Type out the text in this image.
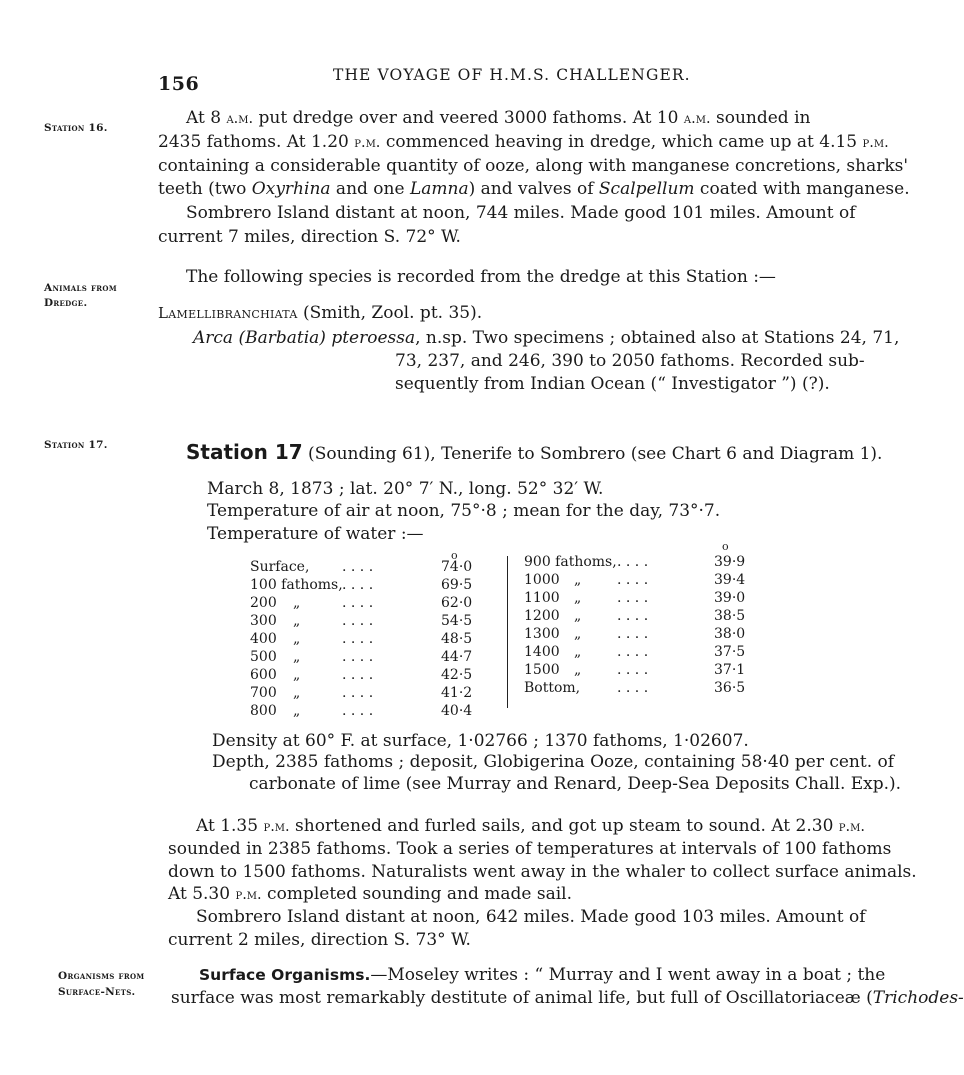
156	THE VOYAGE OF H.M.S. CHALLENGER.
Station 16.
Animals from
Dredge.
Station 17.
Organisms from
Surface-Nets.
At 8 a.m. put dredge over and veered 3000 fathoms. At 10 a.m. sounded in
2435 fathoms. At 1.20 p.m. commenced heaving in dredge, which came up at 4.15 p.m.
containing a considerable quantity of ooze, along with manganese concretions, sharks'
teeth (two Oxyrhina and one Lamna) and valves of Scalpellum coated with manganese.
Sombrero Island distant at noon, 744 miles. Made good 101 miles. Amount of
current 7 miles, direction S. 72° W.
The following species is recorded from the dredge at this Station :—
Lamellibranchiata (Smith, Zool. pt. 35).
Arca (Barbatia) pteroessa, n.sp. Two specimens ; obtained also at Stations 24, 71,
73, 237, and 246, 390 to 2050 fathoms. Recorded sub-
sequently from Indian Ocean (“ Investigator ”) (?).
Station 17 (Sounding 61), Tenerife to Sombrero (see Chart 6 and Diagram 1).
March 8, 1873 ; lat. 20° 7′ N., long. 52° 32′ W.
Temperature of air at noon, 75°·8 ; mean for the day, 73°·7.
Temperature of water :—
o
o
Surface, . . . .	74·0
100 fathoms, . . . .	69·5
200 „	. . . .	62·0
300 „	. . . .	54·5
400 „	. . . .	48·5
500 „	. . . .	44·7
600 „	. . . .	42·5
700 „	. . . .	41·2
800 „	. . . .	40·4
900 fathoms, . . . .	39·9
1000 „	. . . .	39·4
1100 „	. . . .	39·0
1200 „	. . . .	38·5
1300 „	. . . .	38·0
1400 „	. . . .	37·5
1500 „	. . . .	37·1
Bottom,	. . . .	36·5
Density at 60° F. at surface, 1·02766 ; 1370 fathoms, 1·02607.
Depth, 2385 fathoms ; deposit, Globigerina Ooze, containing 58·40 per cent. of
carbonate of lime (see Murray and Renard, Deep-Sea Deposits Chall. Exp.).
At 1.35 p.m. shortened and furled sails, and got up steam to sound. At 2.30 p.m.
sounded in 2385 fathoms. Took a series of temperatures at intervals of 100 fathoms
down to 1500 fathoms. Naturalists went away in the whaler to collect surface animals.
At 5.30 p.m. completed sounding and made sail.
Sombrero Island distant at noon, 642 miles. Made good 103 miles. Amount of
current 2 miles, direction S. 73° W.
Surface Organisms.—Moseley writes : “ Murray and I went away in a boat ; the
surface was most remarkably destitute of animal life, but full of Oscillatoriaceæ (Trichodes-
